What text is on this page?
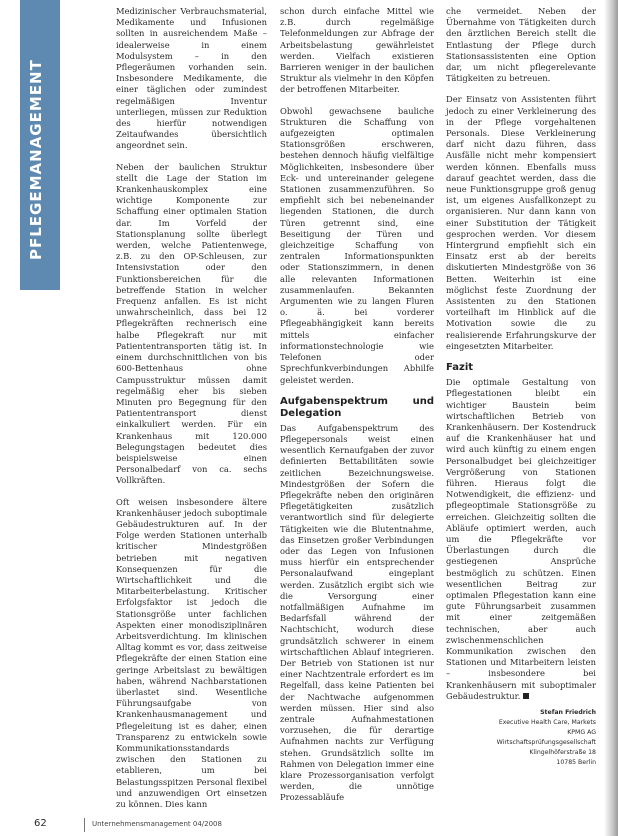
PFLEGEMANAGEMENT

Medizinischer Verbrauchsmaterial, Medikamente und Infusionen sollten in ausreichendem Maße – idealerweise in einem Modulsystem – in den Pflegeräumen vorhanden sein. Insbesondere Medikamente, die einer täglichen oder zumindest regelmäßigen Inventur unterliegen, müssen zur Reduktion des hierfür notwendigen Zeitaufwandes übersichtlich angeordnet sein.

Neben der baulichen Struktur stellt die Lage der Station im Krankenhauskomplex eine wichtige Komponente zur Schaffung einer optimalen Station dar. Im Vorfeld der Stationsplanung sollte überlegt werden, welche Patientenwege, z.B. zu den OP-Schleusen, zur Intensivstation oder den Funktionsbereichen für die betreffende Station in welcher Frequenz anfallen. Es ist nicht unwahrscheinlich, dass bei 12 Pflegekräften rechnerisch eine halbe Pflegekraft nur mit Patiententransporten tätig ist. In einem durchschnittlichen von bis 600-Bettenhaus ohne Campusstruktur müssen damit regelmäßig eher bis sieben Minuten pro Begegnung für den Patiententransport dienst einkalkuliert werden. Für ein Krankenhaus mit 120.000 Belegungstagen bedeutet dies beispielsweise einen Personalbedarf von ca. sechs Vollkräften.

Oft weisen insbesondere ältere Krankenhäuser jedoch suboptimale Gebäudestrukturen auf. In der Folge werden Stationen unterhalb kritischer Mindestgrößen betrieben mit negativen Konsequenzen für die Wirtschaftlichkeit und die Mitarbeiterbelastung. Kritischer Erfolgsfaktor ist jedoch die Stationsgröße unter fachlichen Aspekten einer monodisziplinären Arbeitsverdichtung. Im klinischen Alltag kommt es vor, dass zeitweise Pflegekräfte der einen Station eine geringe Arbeitslast zu bewältigen haben, während Nachbarstationen überlastet sind. Wesentliche Führungsaufgabe von Krankenhausmanagement und Pflegeleitung ist es daher, einen Transparenz zu entwickeln sowie Kommunikationsstandards zwischen den Stationen zu etablieren, um bei Belastungsspitzen Personal flexibel und anzuwendigen Ort einsetzen zu können. Dies kann

schon durch einfache Mittel wie z.B. durch regelmäßige Telefonmeldungen zur Abfrage der Arbeitsbelastung gewährleistet werden. Vielfach existieren Barrieren weniger in der baulichen Struktur als vielmehr in den Köpfen der betroffenen Mitarbeiter.

Obwohl gewachsene bauliche Strukturen die Schaffung von aufgezeigten optimalen Stationsgrößen erschweren, bestehen dennoch häufig vielfältige Möglichkeiten, insbesondere über Eck- und untereinander gelegene Stationen zusammenzuführen. So empfiehlt sich bei nebeneinander liegenden Stationen, die durch Türen getrennt sind, eine Beseitigung der Türen und gleichzeitige Schaffung von zentralen Informationspunkten oder Stationszimmern, in denen alle relevanten Informationen zusammenlaufen. Bekannten Argumenten wie zu langen Fluren o. ä. bei vorderer Pflegeabhängigkeit kann bereits mittels einfacher informationstechnologie wie Telefonen oder Sprechfunkverbindungen Abhilfe geleistet werden.

Aufgabenspektrum und Delegation

Das Aufgabenspektrum des Pflegepersonals weist einen wesentlich Kernaufgaben der zuvor definierten Bettabilitäten sowie zeitlichen Bezeichnungsweise. Mindestgrößen der Sofern die Pflegekräfte neben den originären Pflegetätigkeiten zusätzlich verantwortlich sind für delegierte Tätigkeiten wie die Blutentnahme, das Einsetzen großer Verbindungen oder das Legen von Infusionen muss hierfür ein entsprechender Personalaufwand eingeplant werden. Zusätzlich ergibt sich wie die Versorgung einer notfallmäßigen Aufnahme im Bedarfsfall während der Nachtschicht, wodurch diese grundsätzlich schwerer in einem wirtschaftlichen Ablauf integrieren. Der Betrieb von Stationen ist nur einer Nachtzentrale erfordert es im Regelfall, dass keine Patienten bei der Nachtwache aufgenommen werden müssen. Hier sind also zentrale Aufnahmestationen vorzusehen, die für derartige Aufnahmen nachts zur Verfügung stehen. Grundsätzlich sollte im Rahmen von Delegation immer eine klare Prozessorganisation verfolgt werden, die unnötige Prozessabläufe

che vermeidet. Neben der Übernahme von Tätigkeiten durch den ärztlichen Bereich stellt die Entlastung der Pflege durch Stationsassistenten eine Option dar, um nicht pflegerelevante Tätigkeiten zu betreuen.

Der Einsatz von Assistenten führt jedoch zu einer Verkleinerung des in der Pflege vorgehaltenen Personals. Diese Verkleinerung darf nicht dazu führen, dass Ausfälle nicht mehr kompensiert werden können. Ebenfalls muss darauf geachtet werden, dass die neue Funktionsgruppe groß genug ist, um eigenes Ausfallkonzept zu organisieren. Nur dann kann von einer Substitution der Tätigkeit gesprochen werden. Vor diesem Hintergrund empfiehlt sich ein Einsatz erst ab der bereits diskutierten Mindestgröße von 36 Betten. Weiterhin ist eine möglichst feste Zuordnung der Assistenten zu den Stationen vorteilhaft im Hinblick auf die Motivation sowie die zu realisierende Erfahrungskurve der eingesetzten Mitarbeiter.

Fazit

Die optimale Gestaltung von Pflegestationen bleibt ein wichtiger Baustein beim wirtschaftlichen Betrieb von Krankenhäusern. Der Kostendruck auf die Krankenhäuser hat und wird auch künftig zu einem engen Personalbudget bei gleichzeitiger Vergrößerung von Stationen führen. Hieraus folgt die Notwendigkeit, die effizienz- und pflegeoptimale Stationsgröße zu erreichen. Gleichzeitig sollten die Abläufe optimiert werden, auch um die Pflegekräfte vor Überlastungen durch die gestiegenen Ansprüche bestmöglich zu schützen. Einen wesentlichen Beitrag zur optimalen Pflegestation kann eine gute Führungsarbeit zusammen mit einer zeitgemäßen technischen, aber auch zwischenmenschlichen Kommunikation zwischen den Stationen und Mitarbeitern leisten – insbesondere bei Krankenhäusern mit suboptimaler Gebäudestruktur.

Stefan Friedrich
Executive Health Care, Markets
KPMG AG
Wirtschaftsprüfungsgesellschaft
Klingelhöferstraße 18
10785 Berlin
62	Unternehmensmanagement 04/2008
